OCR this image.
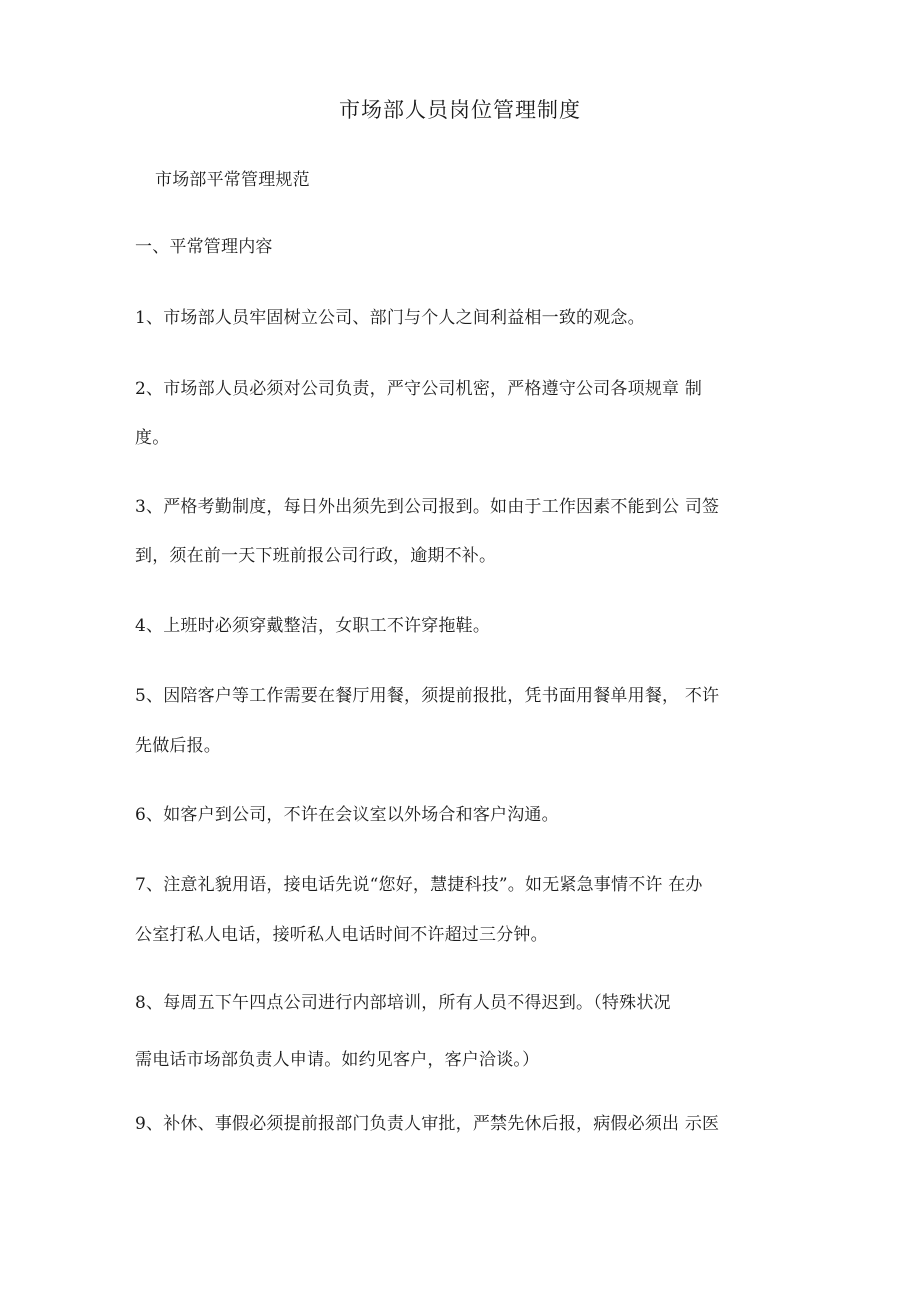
市场部人员岗位管理制度
市场部平常管理规范
一、平常管理内容
1、市场部人员牢固树立公司、部门与个人之间利益相一致的观念。
2、市场部人员必须对公司负责，严守公司机密，严格遵守公司各项规章 制
度。
3、严格考勤制度，每日外出须先到公司报到。如由于工作因素不能到公 司签
到，须在前一天下班前报公司行政，逾期不补。
4、上班时必须穿戴整洁，女职工不许穿拖鞋。
5、因陪客户等工作需要在餐厅用餐，须提前报批，凭书面用餐单用餐， 不许
先做后报。
6、如客户到公司，不许在会议室以外场合和客户沟通。
7、注意礼貌用语，接电话先说“您好，慧捷科技”。如无紧急事情不许 在办
公室打私人电话，接听私人电话时间不许超过三分钟。
8、每周五下午四点公司进行内部培训，所有人员不得迟到。（特殊状况
需电话市场部负责人申请。如约见客户，客户洽谈。）
9、补休、事假必须提前报部门负责人审批，严禁先休后报，病假必须出 示医
